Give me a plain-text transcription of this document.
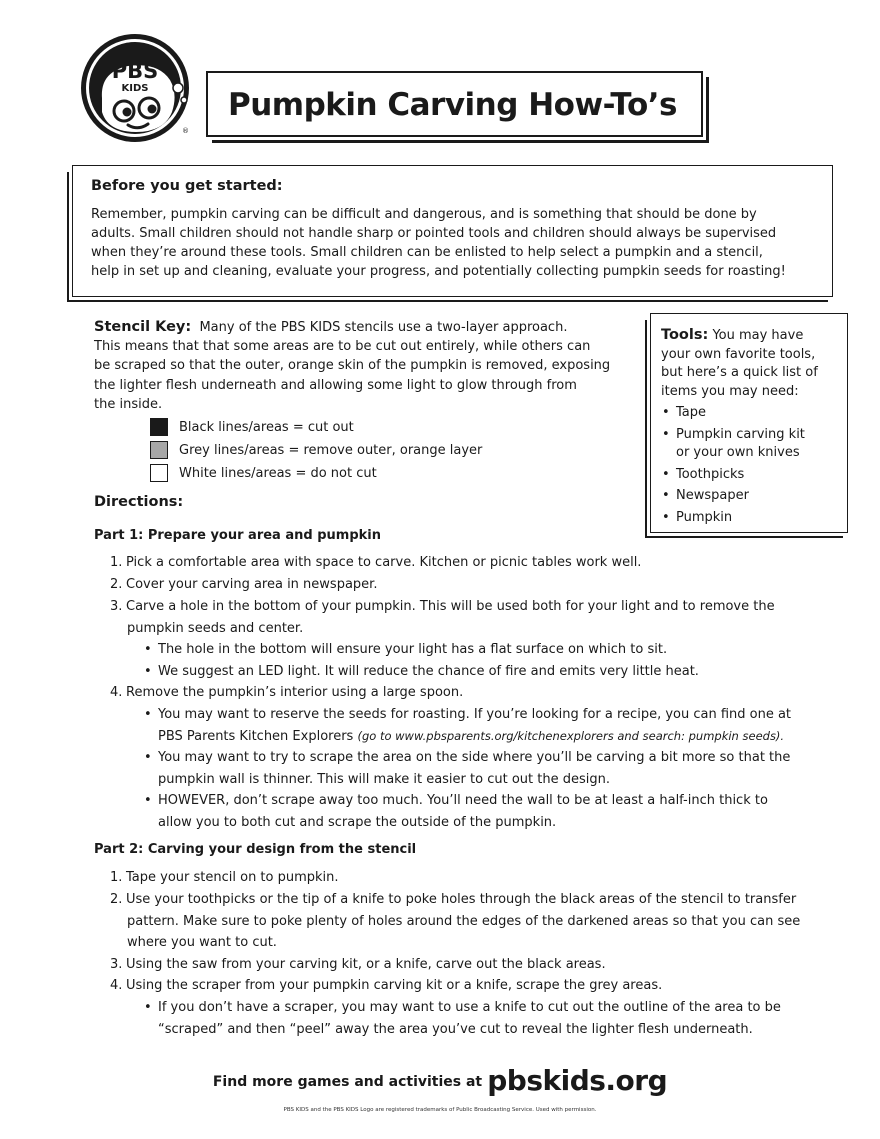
PBS
KIDS
®
Pumpkin Carving How-To’s
Before you get started:
Remember, pumpkin carving can be difficult and dangerous, and is something that should be done by
adults. Small children should not handle sharp or pointed tools and children should always be supervised
when they’re around these tools. Small children can be enlisted to help select a pumpkin and a stencil,
help in set up and cleaning, evaluate your progress, and potentially collecting pumpkin seeds for roasting!
Stencil Key: Many of the PBS KIDS stencils use a two-layer approach.
This means that that some areas are to be cut out entirely, while others can
be scraped so that the outer, orange skin of the pumpkin is removed, exposing
the lighter flesh underneath and allowing some light to glow through from
the inside.
Black lines/areas = cut out
Grey lines/areas = remove outer, orange layer
White lines/areas = do not cut
Tools: You may have
your own favorite tools,
but here’s a quick list of
items you may need:
• Tape
• Pumpkin carving kit
or your own knives
• Toothpicks
• Newspaper
• Pumpkin
Directions:
Part 1: Prepare your area and pumpkin
1. Pick a comfortable area with space to carve. Kitchen or picnic tables work well.
2. Cover your carving area in newspaper.
3. Carve a hole in the bottom of your pumpkin. This will be used both for your light and to remove the
pumpkin seeds and center.
• The hole in the bottom will ensure your light has a flat surface on which to sit.
• We suggest an LED light. It will reduce the chance of fire and emits very little heat.
4. Remove the pumpkin’s interior using a large spoon.
• You may want to reserve the seeds for roasting. If you’re looking for a recipe, you can find one at
PBS Parents Kitchen Explorers (go to www.pbsparents.org/kitchenexplorers and search: pumpkin seeds).
• You may want to try to scrape the area on the side where you’ll be carving a bit more so that the
pumpkin wall is thinner. This will make it easier to cut out the design.
• HOWEVER, don’t scrape away too much. You’ll need the wall to be at least a half-inch thick to
allow you to both cut and scrape the outside of the pumpkin.
Part 2: Carving your design from the stencil
1. Tape your stencil on to pumpkin.
2. Use your toothpicks or the tip of a knife to poke holes through the black areas of the stencil to transfer
pattern. Make sure to poke plenty of holes around the edges of the darkened areas so that you can see
where you want to cut.
3. Using the saw from your carving kit, or a knife, carve out the black areas.
4. Using the scraper from your pumpkin carving kit or a knife, scrape the grey areas.
• If you don’t have a scraper, you may want to use a knife to cut out the outline of the area to be
“scraped” and then “peel” away the area you’ve cut to reveal the lighter flesh underneath.
Find more games and activities at pbskids.org
PBS KIDS and the PBS KIDS Logo are registered trademarks of Public Broadcasting Service. Used with permission.
